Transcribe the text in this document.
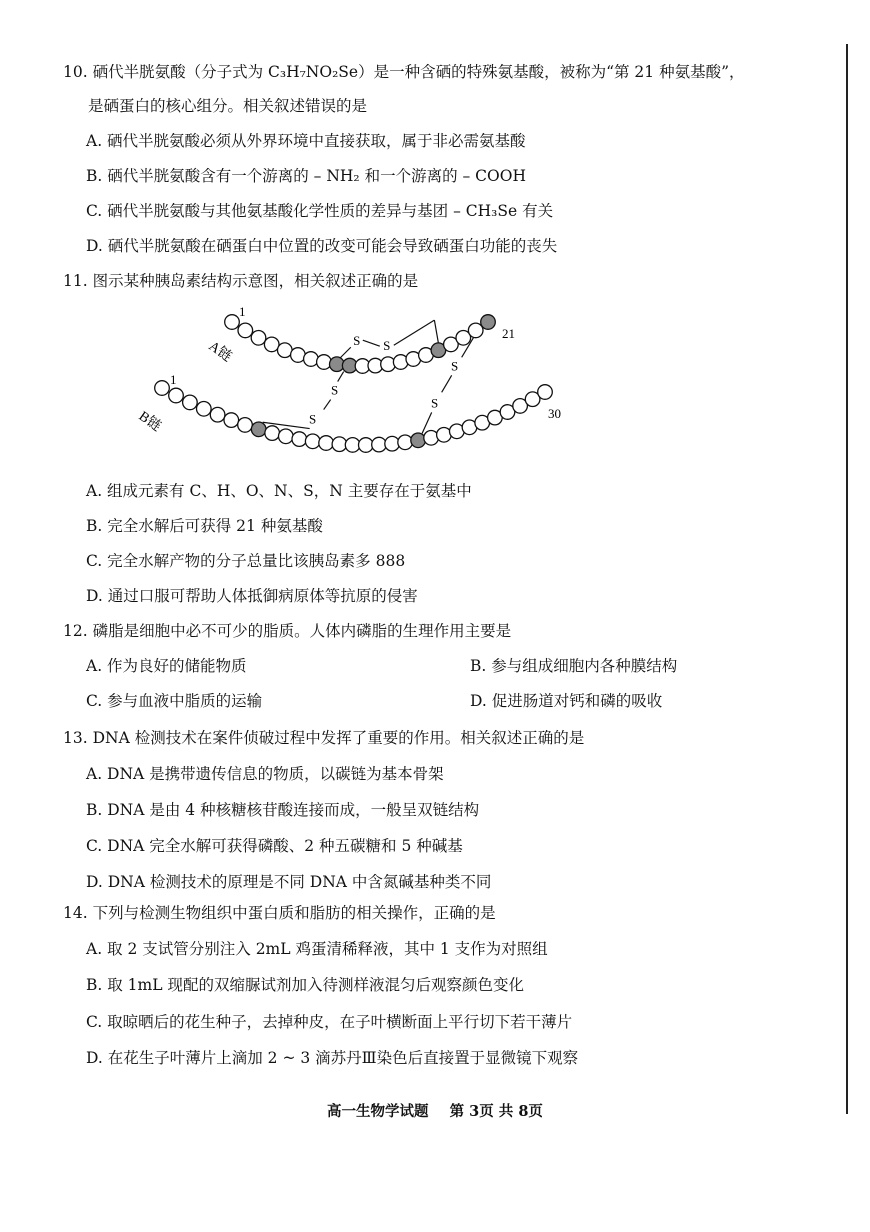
10. 硒代半胱氨酸（分子式为 C₃H₇NO₂Se）是一种含硒的特殊氨基酸，被称为“第 21 种氨基酸”，
是硒蛋白的核心组分。相关叙述错误的是
A. 硒代半胱氨酸必须从外界环境中直接获取，属于非必需氨基酸
B. 硒代半胱氨酸含有一个游离的 – NH₂ 和一个游离的 – COOH
C. 硒代半胱氨酸与其他氨基酸化学性质的差异与基团 – CH₃Se 有关
D. 硒代半胱氨酸在硒蛋白中位置的改变可能会导致硒蛋白功能的丧失
11. 图示某种胰岛素结构示意图，相关叙述正确的是
S S
S
S
S
S
A链
B链
1
21
1
30
A. 组成元素有 C、H、O、N、S，N 主要存在于氨基中
B. 完全水解后可获得 21 种氨基酸
C. 完全水解产物的分子总量比该胰岛素多 888
D. 通过口服可帮助人体抵御病原体等抗原的侵害
12. 磷脂是细胞中必不可少的脂质。人体内磷脂的生理作用主要是
A. 作为良好的储能物质	B. 参与组成细胞内各种膜结构
C. 参与血液中脂质的运输	D. 促进肠道对钙和磷的吸收
13. DNA 检测技术在案件侦破过程中发挥了重要的作用。相关叙述正确的是
A. DNA 是携带遗传信息的物质，以碳链为基本骨架
B. DNA 是由 4 种核糖核苷酸连接而成，一般呈双链结构
C. DNA 完全水解可获得磷酸、2 种五碳糖和 5 种碱基
D. DNA 检测技术的原理是不同 DNA 中含氮碱基种类不同
14. 下列与检测生物组织中蛋白质和脂肪的相关操作，正确的是
A. 取 2 支试管分别注入 2mL 鸡蛋清稀释液，其中 1 支作为对照组
B. 取 1mL 现配的双缩脲试剂加入待测样液混匀后观察颜色变化
C. 取晾晒后的花生种子，去掉种皮，在子叶横断面上平行切下若干薄片
D. 在花生子叶薄片上滴加 2 ~ 3 滴苏丹Ⅲ染色后直接置于显微镜下观察
高一生物学试题 第 3页 共 8页
